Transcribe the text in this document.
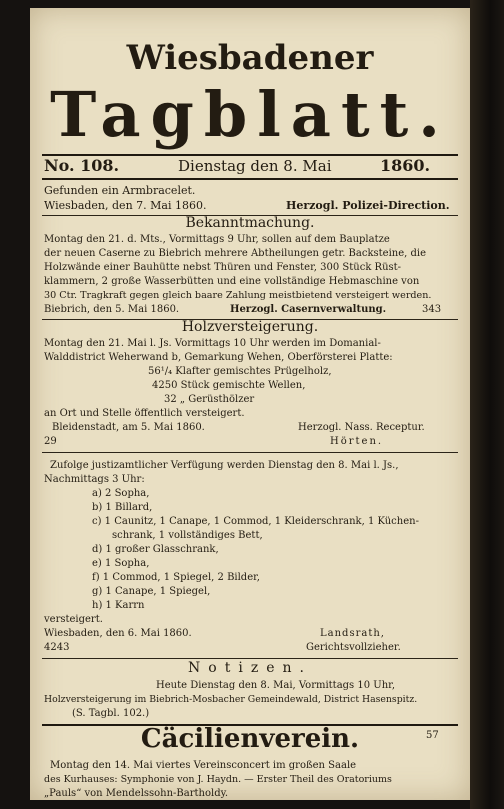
Wiesbadener
Tagblatt.
No. 108.	Dienstag den 8. Mai	1860.
Gefunden ein Armbracelet.
Wiesbaden, den 7. Mai 1860.	Herzogl. Polizei-Direction.
Bekanntmachung.
Montag den 21. d. Mts., Vormittags 9 Uhr, sollen auf dem Bauplatze
der neuen Caserne zu Biebrich mehrere Abtheilungen getr. Backsteine, die
Holzwände einer Bauhütte nebst Thüren und Fenster, 300 Stück Rüst-
klammern, 2 große Wasserbütten und eine vollständige Hebmaschine von
30 Ctr. Tragkraft gegen gleich baare Zahlung meistbietend versteigert werden.
Biebrich, den 5. Mai 1860.	Herzogl. Casernverwaltung.	343
Holzversteigerung.
Montag den 21. Mai l. Js. Vormittags 10 Uhr werden im Domanial-
Walddistrict Weherwand b, Gemarkung Wehen, Oberförsterei Platte:
56¹/₄ Klafter gemischtes Prügelholz,
4250 Stück gemischte Wellen,
32 „ Gerüsthölzer
an Ort und Stelle öffentlich versteigert.
Bleidenstadt, am 5. Mai 1860.	Herzogl. Nass. Receptur.
29	Hörten.
Zufolge justizamtlicher Verfügung werden Dienstag den 8. Mai l. Js.,
Nachmittags 3 Uhr:
a) 2 Sopha,
b) 1 Billard,
c) 1 Caunitz, 1 Canape, 1 Commod, 1 Kleiderschrank, 1 Küchen-
schrank, 1 vollständiges Bett,
d) 1 großer Glasschrank,
e) 1 Sopha,
f) 1 Commod, 1 Spiegel, 2 Bilder,
g) 1 Canape, 1 Spiegel,
h) 1 Karrn
versteigert.
Wiesbaden, den 6. Mai 1860.	Landsrath,
4243	Gerichtsvollzieher.
Notizen.
Heute Dienstag den 8. Mai, Vormittags 10 Uhr,
Holzversteigerung im Biebrich-Mosbacher Gemeindewald, District Hasenspitz.
(S. Tagbl. 102.)
Cäcilienverein.	57
Montag den 14. Mai viertes Vereinsconcert im großen Saale
des Kurhauses: Symphonie von J. Haydn. — Erster Theil des Oratoriums
„Pauls“ von Mendelssohn-Bartholdy.
